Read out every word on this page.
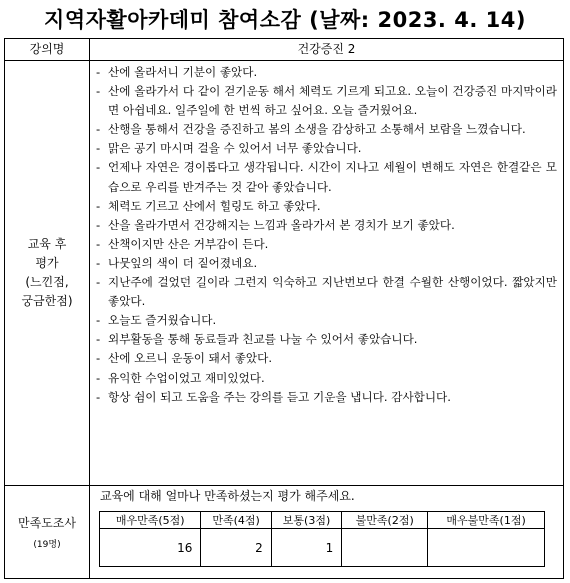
지역자활아카데미 참여소감 (날짜: 2023. 4. 14)
강의명	건강증진 2
교육 후
평가
(느낀점,
궁금한점)
- 산에 올라서니 기분이 좋았다.
- 산에 올라가서 다 같이 걷기운동 해서 체력도 기르게 되고요. 오늘이 건강증진 마지막이라면 아쉽네요. 일주일에 한 번씩 하고 싶어요. 오늘 즐거웠어요.
- 산행을 통해서 건강을 증진하고 봄의 소생을 감상하고 소통해서 보람을 느꼈습니다.
- 맑은 공기 마시며 걸을 수 있어서 너무 좋았습니다.
- 언제나 자연은 경이롭다고 생각됩니다. 시간이 지나고 세월이 변해도 자연은 한결같은 모습으로 우리를 반겨주는 것 같아 좋았습니다.
- 체력도 기르고 산에서 힐링도 하고 좋았다.
- 산을 올라가면서 건강해지는 느낌과 올라가서 본 경치가 보기 좋았다.
- 산책이지만 산은 거부감이 든다.
- 나뭇잎의 색이 더 짙어졌네요.
- 지난주에 걸었던 길이라 그런지 익숙하고 지난번보다 한결 수월한 산행이었다. 짧았지만 좋았다.
- 오늘도 즐거웠습니다.
- 외부활동을 통해 동료들과 친교를 나눌 수 있어서 좋았습니다.
- 산에 오르니 운동이 돼서 좋았다.
- 유익한 수업이었고 재미있었다.
- 항상 쉼이 되고 도움을 주는 강의를 듣고 기운을 냅니다. 감사합니다.
만족도조사
(19명)
교육에 대해 얼마나 만족하셨는지 평가 해주세요.
매우만족(5점)	만족(4점)	보통(3점)	불만족(2점)	매우불만족(1점)
16	2	1		
